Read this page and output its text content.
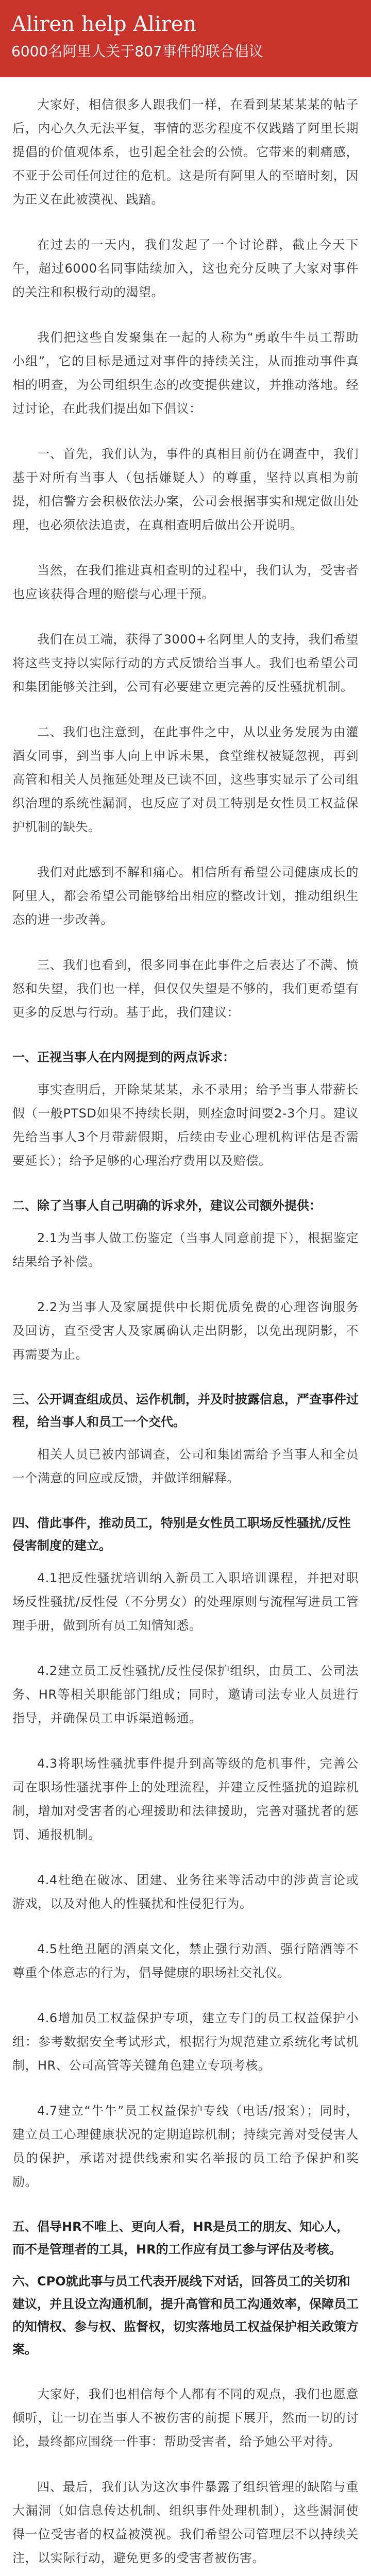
Aliren help Aliren
6000名阿里人关于807事件的联合倡议

大家好，相信很多人跟我们一样，在看到某某某某的帖子后，内心久久无法平复，事情的恶劣程度不仅践踏了阿里长期提倡的价值观体系，也引起全社会的公愤。它带来的刺痛感，不亚于公司任何过往的危机。这是所有阿里人的至暗时刻，因为正义在此被漠视、践踏。

在过去的一天内，我们发起了一个讨论群，截止今天下午，超过6000名同事陆续加入，这也充分反映了大家对事件的关注和积极行动的渴望。

我们把这些自发聚集在一起的人称为“勇敢牛牛员工帮助小组”，它的目标是通过对事件的持续关注，从而推动事件真相的明查，为公司组织生态的改变提供建议，并推动落地。经过讨论，在此我们提出如下倡议：

一、首先，我们认为，事件的真相目前仍在调查中，我们基于对所有当事人（包括嫌疑人）的尊重，坚持以真相为前提，相信警方会积极依法办案，公司会根据事实和规定做出处理，也必须依法追责，在真相查明后做出公开说明。

当然，在我们推进真相查明的过程中，我们认为，受害者也应该获得合理的赔偿与心理干预。

我们在员工端，获得了3000+名阿里人的支持，我们希望将这些支持以实际行动的方式反馈给当事人。我们也希望公司和集团能够关注到，公司有必要建立更完善的反性骚扰机制。

二、我们也注意到，在此事件之中，从以业务发展为由灌酒女同事，到当事人向上申诉未果，食堂维权被疑忽视，再到高管和相关人员拖延处理及已读不回，这些事实显示了公司组织治理的系统性漏洞，也反应了对员工特别是女性员工权益保护机制的缺失。

我们对此感到不解和痛心。相信所有希望公司健康成长的阿里人，都会希望公司能够给出相应的整改计划，推动组织生态的进一步改善。

三、我们也看到，很多同事在此事件之后表达了不满、愤怒和失望，我们也一样，但仅仅失望是不够的，我们更希望有更多的反思与行动。基于此，我们建议：

一、正视当事人在内网提到的两点诉求：

事实查明后，开除某某某，永不录用；给予当事人带薪长假（一般PTSD如果不持续长期，则痊愈时间要2-3个月。建议先给当事人3个月带薪假期，后续由专业心理机构评估是否需要延长）；给予足够的心理治疗费用以及赔偿。

二、除了当事人自己明确的诉求外，建议公司额外提供：

2.1为当事人做工伤鉴定（当事人同意前提下），根据鉴定结果给予补偿。

2.2为当事人及家属提供中长期优质免费的心理咨询服务及回访，直至受害人及家属确认走出阴影，以免出现阴影，不再需要为止。

三、公开调查组成员、运作机制，并及时披露信息，严查事件过程，给当事人和员工一个交代。

相关人员已被内部调查，公司和集团需给予当事人和全员一个满意的回应或反馈，并做详细解释。

四、借此事件，推动员工，特别是女性员工职场反性骚扰/反性侵害制度的建立。

4.1把反性骚扰培训纳入新员工入职培训课程，并把对职场反性骚扰/反性侵（不分男女）的处理原则与流程写进员工管理手册，做到所有员工知情知悉。

4.2建立员工反性骚扰/反性侵保护组织，由员工、公司法务、HR等相关职能部门组成；同时，邀请司法专业人员进行指导，并确保员工申诉渠道畅通。

4.3将职场性骚扰事件提升到高等级的危机事件，完善公司在职场性骚扰事件上的处理流程，并建立反性骚扰的追踪机制，增加对受害者的心理援助和法律援助，完善对骚扰者的惩罚、通报机制。

4.4杜绝在破冰、团建、业务往来等活动中的涉黄言论或游戏，以及对他人的性骚扰和性侵犯行为。

4.5杜绝丑陋的酒桌文化，禁止强行劝酒、强行陪酒等不尊重个体意志的行为，倡导健康的职场社交礼仪。

4.6增加员工权益保护专项，建立专门的员工权益保护小组：参考数据安全考试形式，根据行为规范建立系统化考试机制，HR、公司高管等关键角色建立专项考核。

4.7建立“牛牛”员工权益保护专线（电话/报案）；同时，建立员工心理健康状况的定期追踪机制；持续完善对受侵害人员的保护，承诺对提供线索和实名举报的员工给予保护和奖励。

五、倡导HR不唯上、更向人看，HR是员工的朋友、知心人，而不是管理者的工具，HR的工作应有员工参与评估及考核。
六、CPO就此事与员工代表开展线下对话，回答员工的关切和建议，并且设立沟通机制，提升高管和员工沟通效率，保障员工的知情权、参与权、监督权，切实落地员工权益保护相关政策方案。

大家好，我们也相信每个人都有不同的观点，我们也愿意倾听，让一切在当事人不被伤害的前提下展开，然而一切的讨论，最终都应围绕一件事：帮助受害者，给予她公平对待。

四、最后，我们认为这次事件暴露了组织管理的缺陷与重大漏洞（如信息传达机制、组织事件处理机制），这些漏洞使得一位受害者的权益被漠视。我们希望公司管理层不以持续关注，以实际行动，避免更多的受害者被伤害。
